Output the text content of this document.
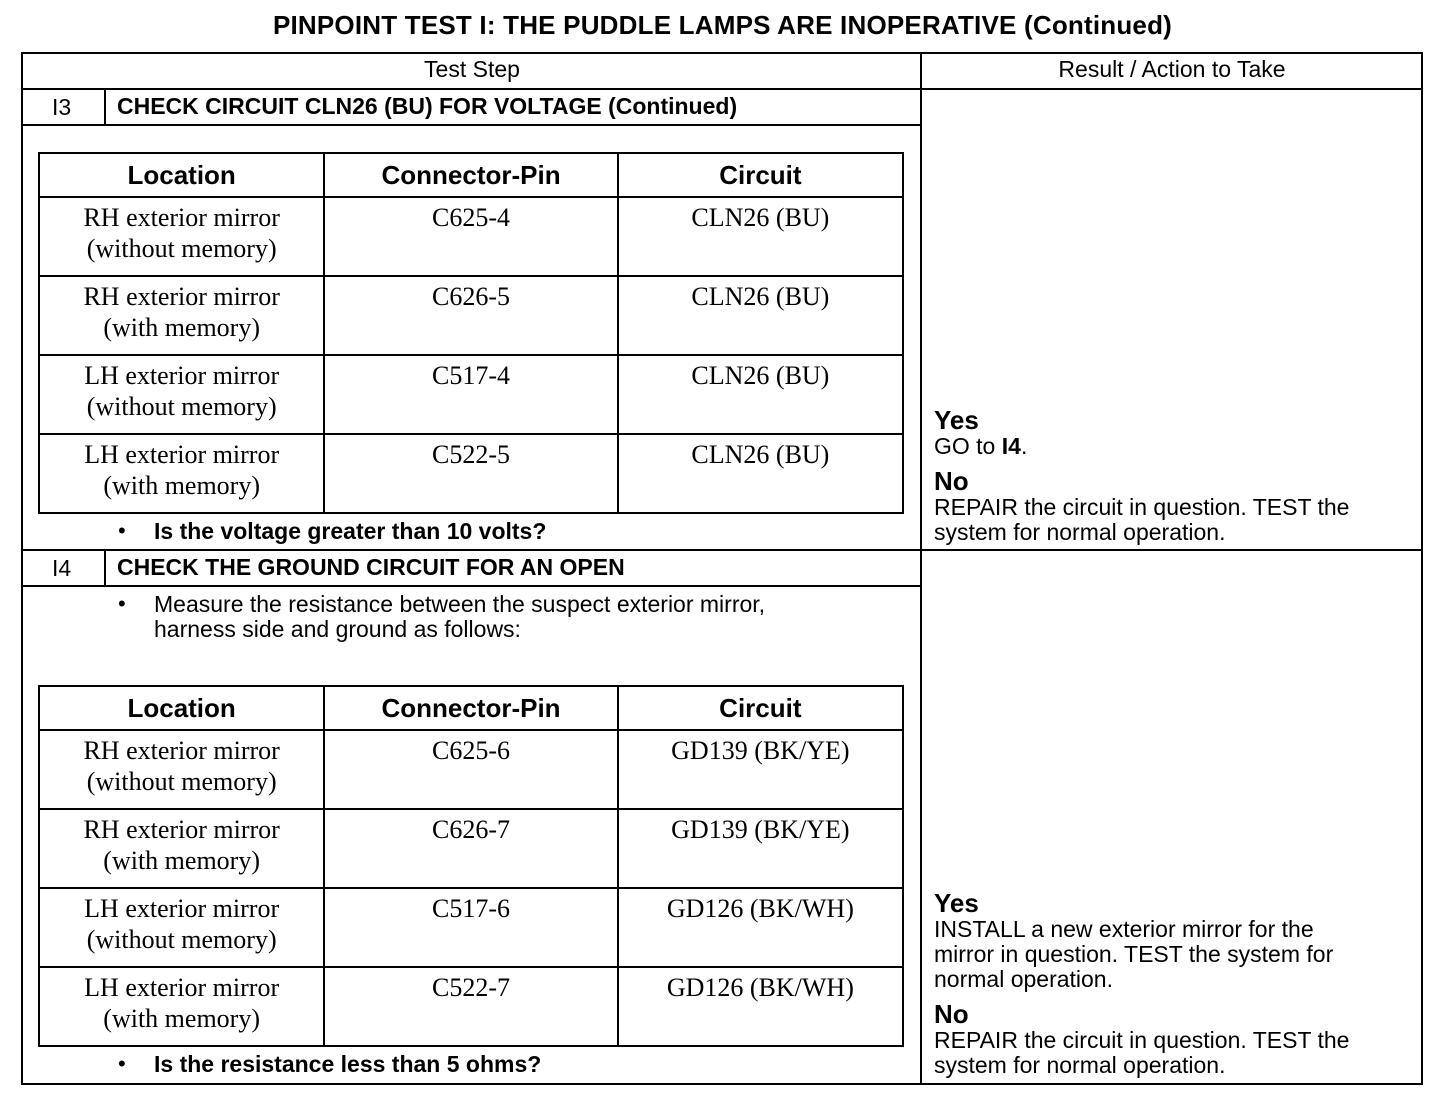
PINPOINT TEST I: THE PUDDLE LAMPS ARE INOPERATIVE (Continued)
Test Step	Result / Action to Take
I3 CHECK CIRCUIT CLN26 (BU) FOR VOLTAGE (Continued)
Location	Connector-Pin	Circuit
RH exterior mirror
(without memory)	C625-4	CLN26 (BU)
RH exterior mirror
(with memory)	C626-5	CLN26 (BU)
LH exterior mirror
(without memory)	C517-4	CLN26 (BU)
LH exterior mirror
(with memory)	C522-5	CLN26 (BU)
• Is the voltage greater than 10 volts?
Yes
GO to I4.
No
REPAIR the circuit in question. TEST the
system for normal operation.
I4 CHECK THE GROUND CIRCUIT FOR AN OPEN
• Measure the resistance between the suspect exterior mirror,
harness side and ground as follows:
Location	Connector-Pin	Circuit
RH exterior mirror
(without memory)	C625-6	GD139 (BK/YE)
RH exterior mirror
(with memory)	C626-7	GD139 (BK/YE)
LH exterior mirror
(without memory)	C517-6	GD126 (BK/WH)
LH exterior mirror
(with memory)	C522-7	GD126 (BK/WH)
• Is the resistance less than 5 ohms?
Yes
INSTALL a new exterior mirror for the
mirror in question. TEST the system for
normal operation.
No
REPAIR the circuit in question. TEST the
system for normal operation.
